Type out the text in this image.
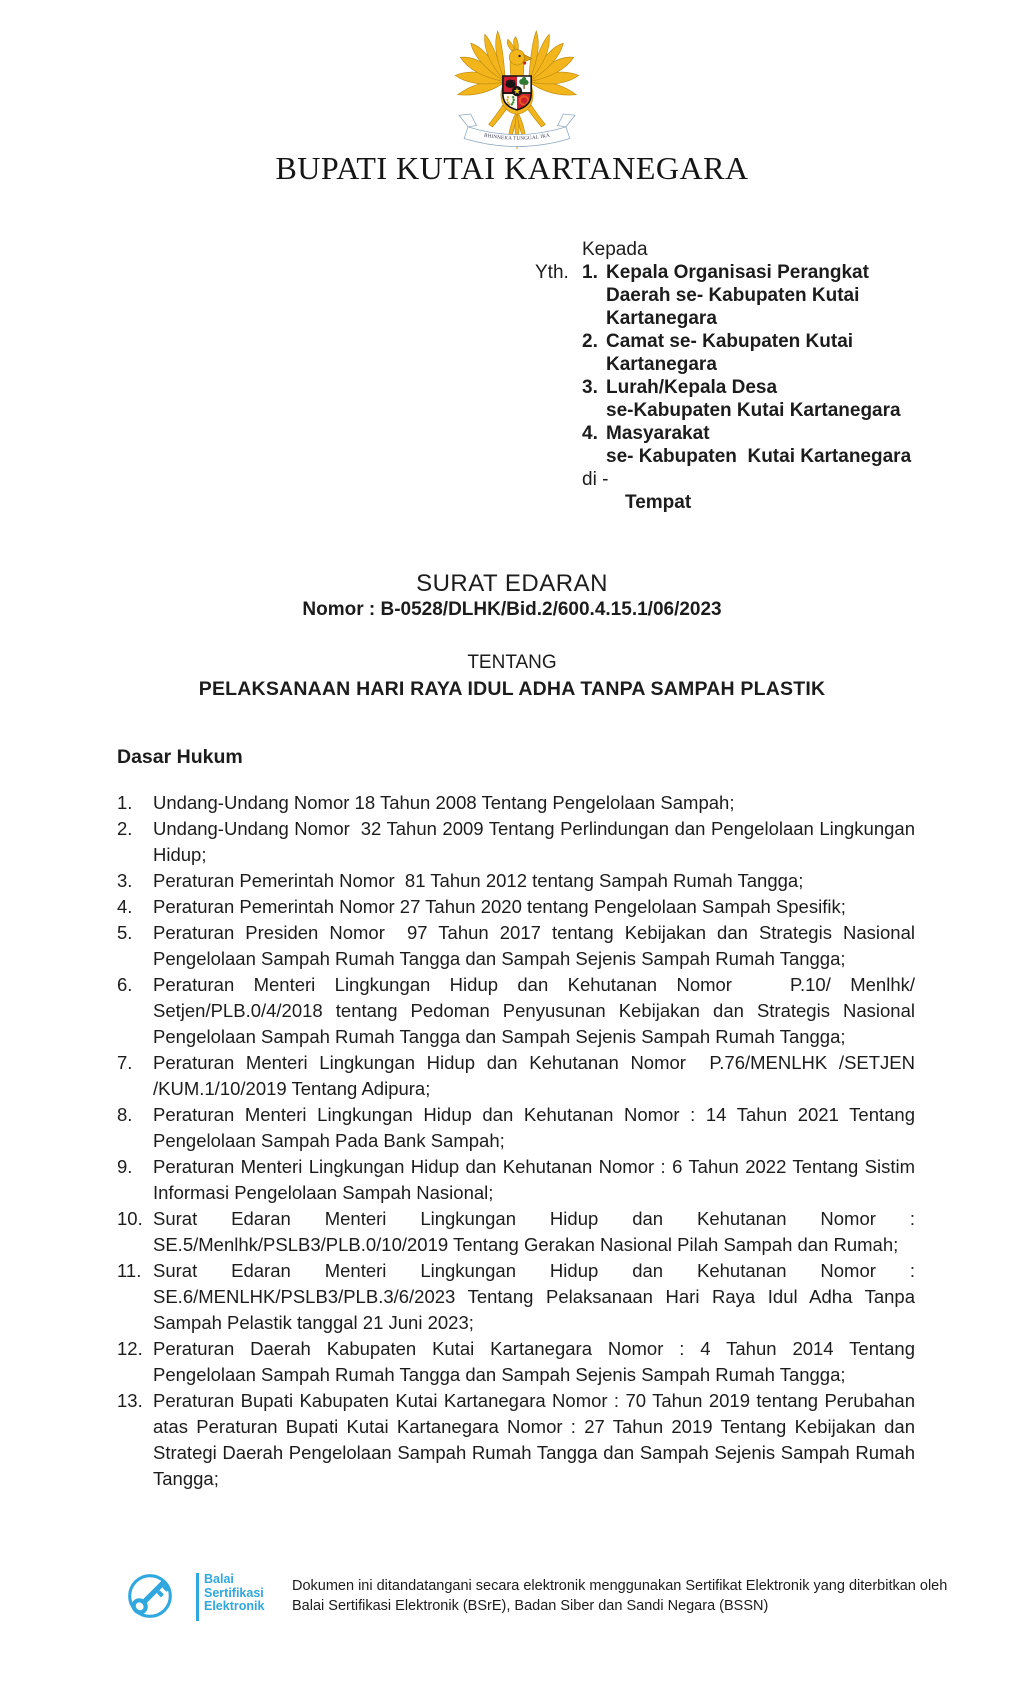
BHINNEKA TUNGGAL IKA
BUPATI KUTAI KARTANEGARA
Kepada
Yth. 1. Kepala Organisasi Perangkat
Daerah se- Kabupaten Kutai
Kartanegara
2. Camat se- Kabupaten Kutai
Kartanegara
3. Lurah/Kepala Desa
se-Kabupaten Kutai Kartanegara
4. Masyarakat
se- Kabupaten  Kutai Kartanegara
di -
Tempat
SURAT EDARAN
Nomor : B-0528/DLHK/Bid.2/600.4.15.1/06/2023
TENTANG
PELAKSANAAN HARI RAYA IDUL ADHA TANPA SAMPAH PLASTIK
Dasar Hukum
1.	Undang-Undang Nomor 18 Tahun 2008 Tentang Pengelolaan Sampah;
2.	Undang-Undang Nomor  32 Tahun 2009 Tentang Perlindungan dan Pengelolaan Lingkungan Hidup;
3.	Peraturan Pemerintah Nomor  81 Tahun 2012 tentang Sampah Rumah Tangga;
4.	Peraturan Pemerintah Nomor 27 Tahun 2020 tentang Pengelolaan Sampah Spesifik;
5.	Peraturan Presiden Nomor  97 Tahun 2017 tentang Kebijakan dan Strategis Nasional Pengelolaan Sampah Rumah Tangga dan Sampah Sejenis Sampah Rumah Tangga;
6.	Peraturan Menteri Lingkungan Hidup dan Kehutanan Nomor   P.10/ Menlhk/ Setjen/PLB.0/4/2018 tentang Pedoman Penyusunan Kebijakan dan Strategis Nasional Pengelolaan Sampah Rumah Tangga dan Sampah Sejenis Sampah Rumah Tangga;
7.	Peraturan Menteri Lingkungan Hidup dan Kehutanan Nomor  P.76/MENLHK /SETJEN /KUM.1/10/2019 Tentang Adipura;
8.	Peraturan Menteri Lingkungan Hidup dan Kehutanan Nomor : 14 Tahun 2021 Tentang Pengelolaan Sampah Pada Bank Sampah;
9.	Peraturan Menteri Lingkungan Hidup dan Kehutanan Nomor : 6 Tahun 2022 Tentang Sistim Informasi Pengelolaan Sampah Nasional;
10. Surat Edaran Menteri Lingkungan Hidup dan Kehutanan Nomor : SE.5/Menlhk/PSLB3/PLB.0/10/2019 Tentang Gerakan Nasional Pilah Sampah dan Rumah;
11. Surat Edaran Menteri Lingkungan Hidup dan Kehutanan Nomor : SE.6/MENLHK/PSLB3/PLB.3/6/2023 Tentang Pelaksanaan Hari Raya Idul Adha Tanpa Sampah Pelastik tanggal 21 Juni 2023;
12. Peraturan Daerah Kabupaten Kutai Kartanegara Nomor : 4 Tahun 2014 Tentang Pengelolaan Sampah Rumah Tangga dan Sampah Sejenis Sampah Rumah Tangga;
13. Peraturan Bupati Kabupaten Kutai Kartanegara Nomor : 70 Tahun 2019 tentang Perubahan atas Peraturan Bupati Kutai Kartanegara Nomor : 27 Tahun 2019 Tentang Kebijakan dan Strategi Daerah Pengelolaan Sampah Rumah Tangga dan Sampah Sejenis Sampah Rumah Tangga;
Balai
Sertifikasi
Elektronik
Dokumen ini ditandatangani secara elektronik menggunakan Sertifikat Elektronik yang diterbitkan oleh
Balai Sertifikasi Elektronik (BSrE), Badan Siber dan Sandi Negara (BSSN)
